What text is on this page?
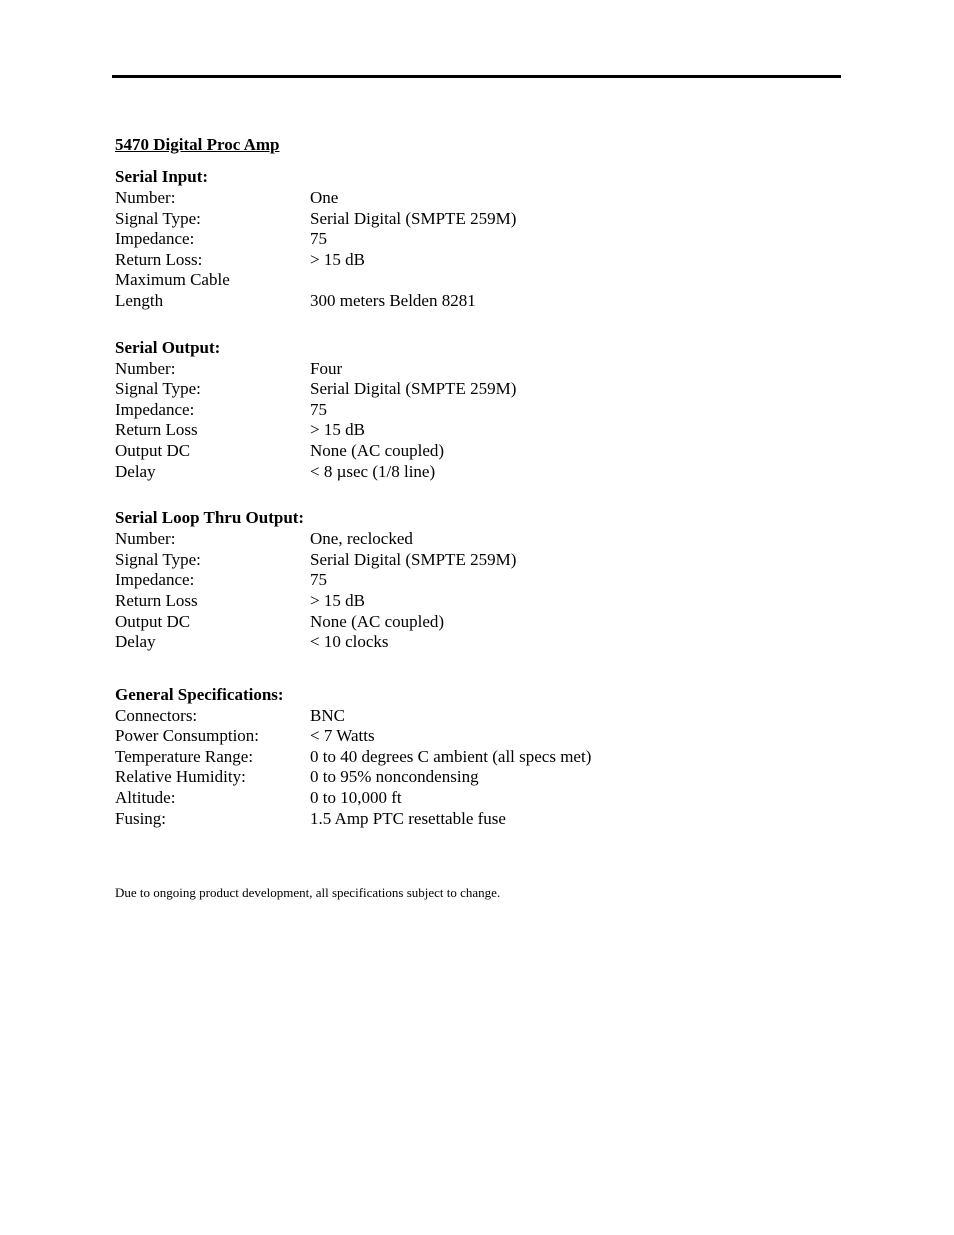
5470 Digital Proc Amp
Serial Input:
Number:	One
Signal Type:	Serial Digital (SMPTE 259M)
Impedance:	75
Return Loss:	> 15 dB
Maximum Cable
Length	300 meters Belden 8281
Serial Output:
Number:	Four
Signal Type:	Serial Digital (SMPTE 259M)
Impedance:	75
Return Loss	> 15 dB
Output DC	None (AC coupled)
Delay	< 8 µsec (1/8 line)
Serial Loop Thru Output:
Number:	One, reclocked
Signal Type:	Serial Digital (SMPTE 259M)
Impedance:	75
Return Loss	> 15 dB
Output DC	None (AC coupled)
Delay	< 10 clocks
General Specifications:
Connectors:	BNC
Power Consumption:	< 7 Watts
Temperature Range:	0 to 40 degrees C ambient (all specs met)
Relative Humidity:	0 to 95% noncondensing
Altitude:	0 to 10,000 ft
Fusing:	1.5 Amp PTC resettable fuse
Due to ongoing product development, all specifications subject to change.
